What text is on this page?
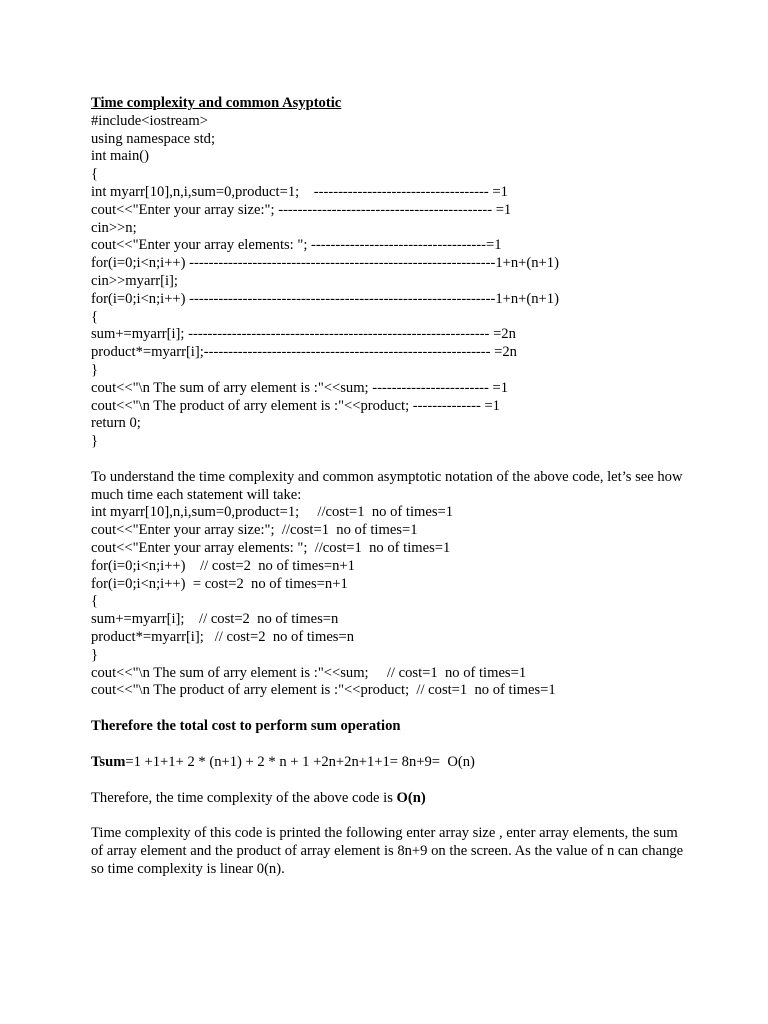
Time complexity and common Asyptotic
#include<iostream>
using namespace std;
int main()
{
int myarr[10],n,i,sum=0,product=1;    ------------------------------------ =1
cout<<"Enter your array size:"; -------------------------------------------- =1
cin>>n;
cout<<"Enter your array elements: "; ------------------------------------=1
for(i=0;i<n;i++) ---------------------------------------------------------------1+n+(n+1)
cin>>myarr[i];
for(i=0;i<n;i++) ---------------------------------------------------------------1+n+(n+1)
{
sum+=myarr[i]; -------------------------------------------------------------- =2n
product*=myarr[i];----------------------------------------------------------- =2n
}
cout<<"\n The sum of arry element is :"<<sum; ------------------------ =1
cout<<"\n The product of arry element is :"<<product; -------------- =1
return 0;
}

To understand the time complexity and common asymptotic notation of the above code, let’s see how much time each statement will take:

int myarr[10],n,i,sum=0,product=1;     //cost=1  no of times=1
cout<<"Enter your array size:";  //cost=1  no of times=1
cout<<"Enter your array elements: ";  //cost=1  no of times=1
for(i=0;i<n;i++)    // cost=2  no of times=n+1
for(i=0;i<n;i++)  = cost=2  no of times=n+1
{
sum+=myarr[i];    // cost=2  no of times=n
product*=myarr[i];   // cost=2  no of times=n
}
cout<<"\n The sum of arry element is :"<<sum;     // cost=1  no of times=1
cout<<"\n The product of arry element is :"<<product;  // cost=1  no of times=1
Therefore the total cost to perform sum operation
Tsum=1 +1+1+ 2 * (n+1) + 2 * n + 1 +2n+2n+1+1= 8n+9=  O(n)
Therefore, the time complexity of the above code is O(n)

Time complexity of this code is printed the following enter array size , enter array elements, the sum of array element and the product of array element is 8n+9 on the screen. As the value of n can change so time complexity is linear 0(n).
